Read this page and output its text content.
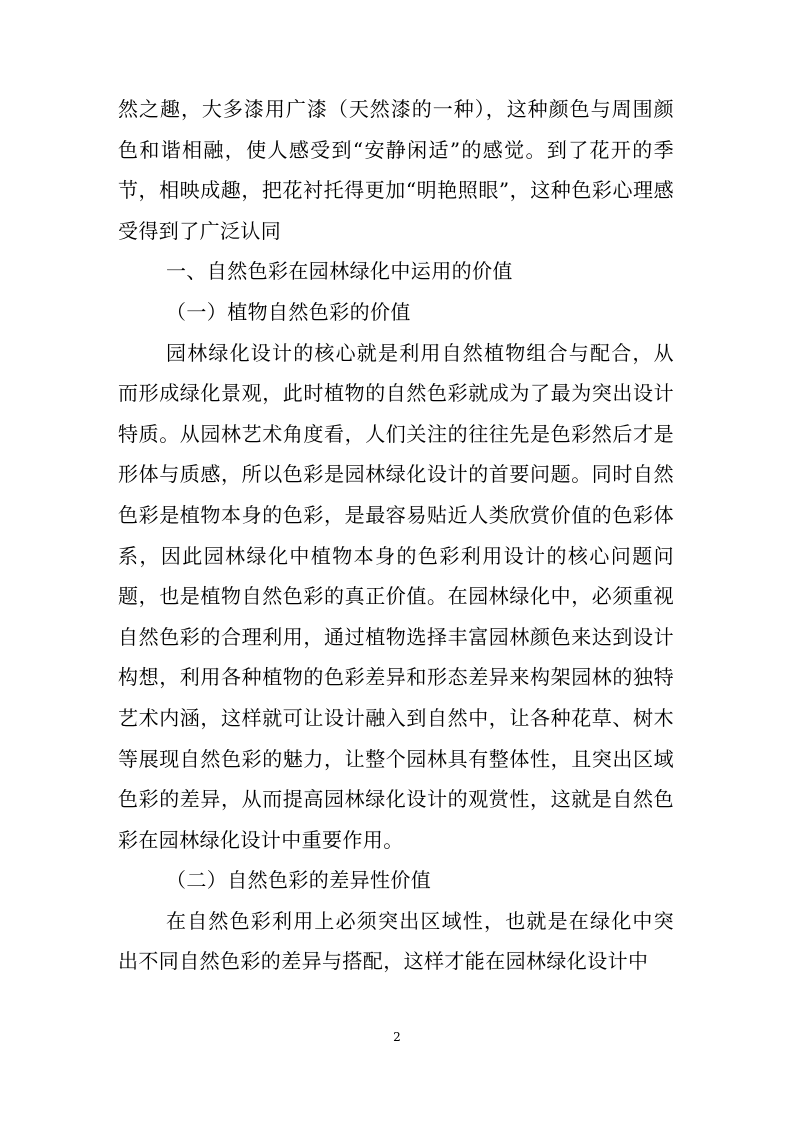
然之趣，大多漆用广漆（天然漆的一种），这种颜色与周围颜色和谐相融，使人感受到“安静闲适”的感觉。到了花开的季节，相映成趣，把花衬托得更加“明艳照眼”，这种色彩心理感受得到了广泛认同

一、自然色彩在园林绿化中运用的价值

（一）植物自然色彩的价值

园林绿化设计的核心就是利用自然植物组合与配合，从而形成绿化景观，此时植物的自然色彩就成为了最为突出设计特质。从园林艺术角度看，人们关注的往往先是色彩然后才是形体与质感，所以色彩是园林绿化设计的首要问题。同时自然色彩是植物本身的色彩，是最容易贴近人类欣赏价值的色彩体系，因此园林绿化中植物本身的色彩利用设计的核心问题问题，也是植物自然色彩的真正价值。在园林绿化中，必须重视自然色彩的合理利用，通过植物选择丰富园林颜色来达到设计构想，利用各种植物的色彩差异和形态差异来构架园林的独特艺术内涵，这样就可让设计融入到自然中，让各种花草、树木等展现自然色彩的魅力，让整个园林具有整体性，且突出区域色彩的差异，从而提高园林绿化设计的观赏性，这就是自然色彩在园林绿化设计中重要作用。

（二）自然色彩的差异性价值

在自然色彩利用上必须突出区域性，也就是在绿化中突出不同自然色彩的差异与搭配，这样才能在园林绿化设计中

2
